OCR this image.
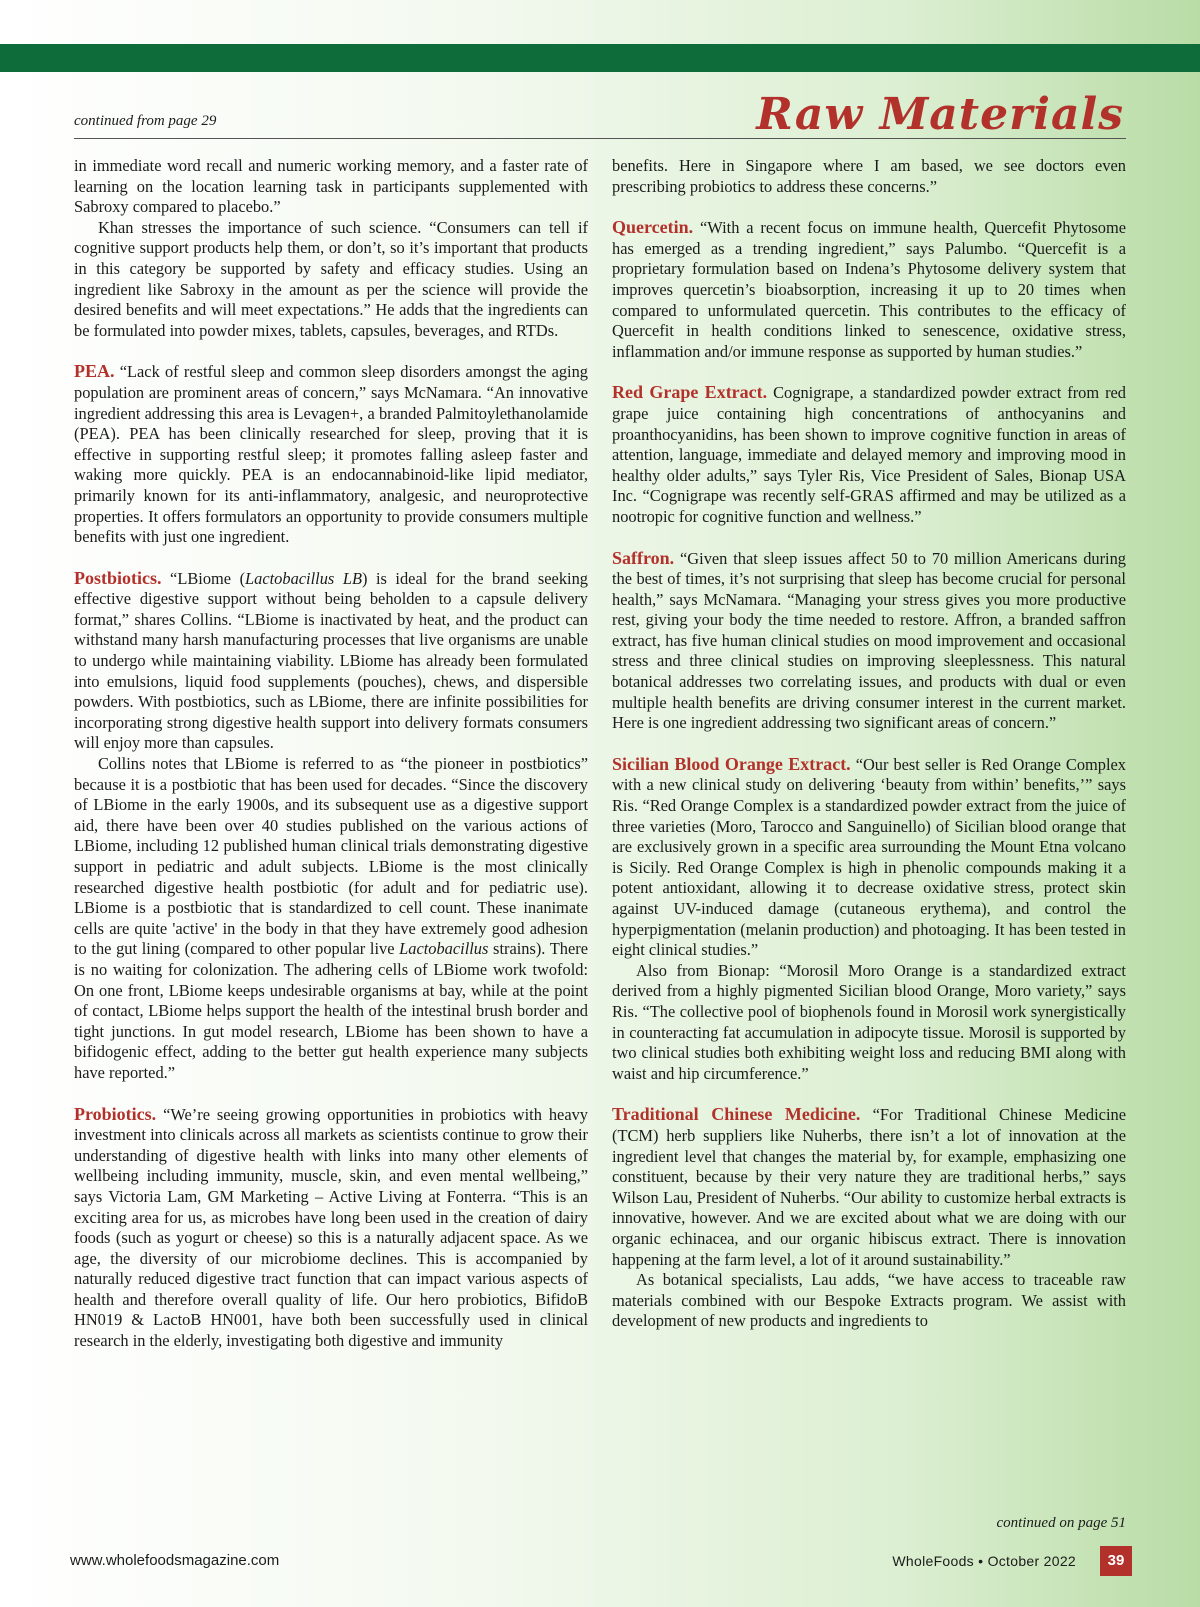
continued from page 29	Raw Materials

in immediate word recall and numeric working memory, and a faster rate of learning on the location learning task in participants supplemented with Sabroxy compared to placebo.”

Khan stresses the importance of such science. “Consumers can tell if cognitive support products help them, or don’t, so it’s important that products in this category be supported by safety and efficacy studies. Using an ingredient like Sabroxy in the amount as per the science will provide the desired benefits and will meet expectations.” He adds that the ingredients can be formulated into powder mixes, tablets, capsules, beverages, and RTDs.

PEA. “Lack of restful sleep and common sleep disorders amongst the aging population are prominent areas of concern,” says McNamara. “An innovative ingredient addressing this area is Levagen+, a branded Palmitoylethanolamide (PEA). PEA has been clinically researched for sleep, proving that it is effective in supporting restful sleep; it promotes falling asleep faster and waking more quickly. PEA is an endocannabinoid-like lipid mediator, primarily known for its anti-inflammatory, analgesic, and neuroprotective properties. It offers formulators an opportunity to provide consumers multiple benefits with just one ingredient.

Postbiotics. “LBiome (Lactobacillus LB) is ideal for the brand seeking effective digestive support without being beholden to a capsule delivery format,” shares Collins. “LBiome is inactivated by heat, and the product can withstand many harsh manufacturing processes that live organisms are unable to undergo while maintaining viability. LBiome has already been formulated into emulsions, liquid food supplements (pouches), chews, and dispersible powders. With postbiotics, such as LBiome, there are infinite possibilities for incorporating strong digestive health support into delivery formats consumers will enjoy more than capsules.

Collins notes that LBiome is referred to as “the pioneer in postbiotics” because it is a postbiotic that has been used for decades. “Since the discovery of LBiome in the early 1900s, and its subsequent use as a digestive support aid, there have been over 40 studies published on the various actions of LBiome, including 12 published human clinical trials demonstrating digestive support in pediatric and adult subjects. LBiome is the most clinically researched digestive health postbiotic (for adult and for pediatric use). LBiome is a postbiotic that is standardized to cell count. These inanimate cells are quite 'active' in the body in that they have extremely good adhesion to the gut lining (compared to other popular live Lactobacillus strains). There is no waiting for colonization. The adhering cells of LBiome work twofold: On one front, LBiome keeps undesirable organisms at bay, while at the point of contact, LBiome helps support the health of the intestinal brush border and tight junctions. In gut model research, LBiome has been shown to have a bifidogenic effect, adding to the better gut health experience many subjects have reported.”

Probiotics. “We’re seeing growing opportunities in probiotics with heavy investment into clinicals across all markets as scientists continue to grow their understanding of digestive health with links into many other elements of wellbeing including immunity, muscle, skin, and even mental wellbeing,” says Victoria Lam, GM Marketing – Active Living at Fonterra. “This is an exciting area for us, as microbes have long been used in the creation of dairy foods (such as yogurt or cheese) so this is a naturally adjacent space. As we age, the diversity of our microbiome declines. This is accompanied by naturally reduced digestive tract function that can impact various aspects of health and therefore overall quality of life. Our hero probiotics, BifidoB HN019 & LactoB HN001, have both been successfully used in clinical research in the elderly, investigating both digestive and immunity

benefits. Here in Singapore where I am based, we see doctors even prescribing probiotics to address these concerns.”

Quercetin. “With a recent focus on immune health, Quercefit Phytosome has emerged as a trending ingredient,” says Palumbo. “Quercefit is a proprietary formulation based on Indena’s Phytosome delivery system that improves quercetin’s bioabsorption, increasing it up to 20 times when compared to unformulated quercetin. This contributes to the efficacy of Quercefit in health conditions linked to senescence, oxidative stress, inflammation and/or immune response as supported by human studies.”

Red Grape Extract. Cognigrape, a standardized powder extract from red grape juice containing high concentrations of anthocyanins and proanthocyanidins, has been shown to improve cognitive function in areas of attention, language, immediate and delayed memory and improving mood in healthy older adults,” says Tyler Ris, Vice President of Sales, Bionap USA Inc. “Cognigrape was recently self-GRAS affirmed and may be utilized as a nootropic for cognitive function and wellness.”

Saffron. “Given that sleep issues affect 50 to 70 million Americans during the best of times, it’s not surprising that sleep has become crucial for personal health,” says McNamara. “Managing your stress gives you more productive rest, giving your body the time needed to restore. Affron, a branded saffron extract, has five human clinical studies on mood improvement and occasional stress and three clinical studies on improving sleeplessness. This natural botanical addresses two correlating issues, and products with dual or even multiple health benefits are driving consumer interest in the current market. Here is one ingredient addressing two significant areas of concern.”

Sicilian Blood Orange Extract. “Our best seller is Red Orange Complex with a new clinical study on delivering ‘beauty from within’ benefits,’” says Ris. “Red Orange Complex is a standardized powder extract from the juice of three varieties (Moro, Tarocco and Sanguinello) of Sicilian blood orange that are exclusively grown in a specific area surrounding the Mount Etna volcano is Sicily. Red Orange Complex is high in phenolic compounds making it a potent antioxidant, allowing it to decrease oxidative stress, protect skin against UV-induced damage (cutaneous erythema), and control the hyperpigmentation (melanin production) and photoaging. It has been tested in eight clinical studies.”

Also from Bionap: “Morosil Moro Orange is a standardized extract derived from a highly pigmented Sicilian blood Orange, Moro variety,” says Ris. “The collective pool of biophenols found in Morosil work synergistically in counteracting fat accumulation in adipocyte tissue. Morosil is supported by two clinical studies both exhibiting weight loss and reducing BMI along with waist and hip circumference.”

Traditional Chinese Medicine. “For Traditional Chinese Medicine (TCM) herb suppliers like Nuherbs, there isn’t a lot of innovation at the ingredient level that changes the material by, for example, emphasizing one constituent, because by their very nature they are traditional herbs,” says Wilson Lau, President of Nuherbs. “Our ability to customize herbal extracts is innovative, however. And we are excited about what we are doing with our organic echinacea, and our organic hibiscus extract. There is innovation happening at the farm level, a lot of it around sustainability.”

As botanical specialists, Lau adds, “we have access to traceable raw materials combined with our Bespoke Extracts program. We assist with development of new products and ingredients to

continued on page 51
www.wholefoodsmagazine.com	WholeFoods • October 2022	39
